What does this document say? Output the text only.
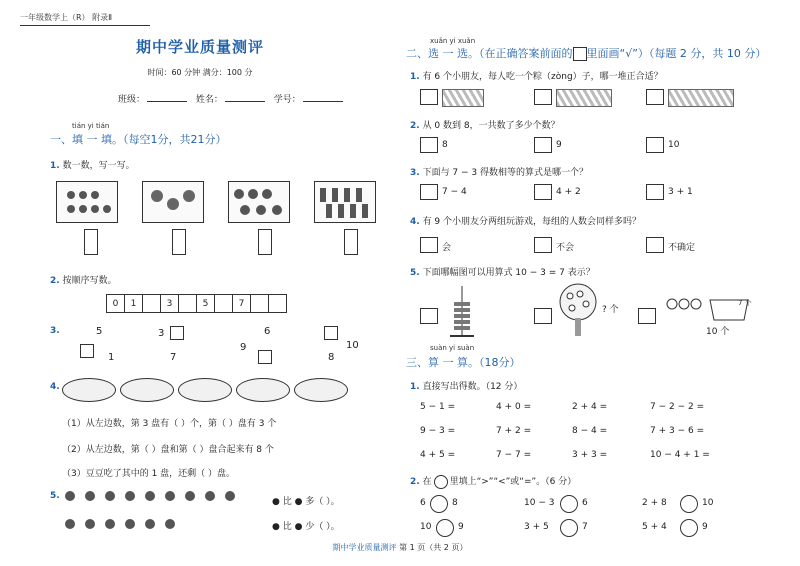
一年级数学上（R） 附录Ⅱ
期中学业质量测评
时间：60 分钟 满分：100 分
班级：	姓名：	学号：
tián yi tián
一、填 一 填。（每空1分，共21分）
1. 数一数，写一写。
2. 按顺序写数。
0	1	3	5	7
3.	5
1
3
7
6
9	10
8
4.
（1）从左边数，第 3 盘有（ ）个，第（ ）盘有 3 个
（2）从左边数，第（ ）盘和第（ ）盘合起来有 8 个
（3）豆豆吃了其中的 1 盘，还剩（ ）盘。
5.
● 比 ● 多（ ）。
● 比 ● 少（ ）。
xuǎn yi xuǎn
二、选 一 选。（在正确答案前面的 里面画“√”）（每题 2 分，共 10 分）
1. 有 6 个小朋友，每人吃一个粽（zòng）子，哪一堆正合适？
2. 从 0 数到 8，一共数了多少个数？
8	9	10
3. 下面与 7 − 3 得数相等的算式是哪一个？
7 − 4	4 + 2	3 + 1
4. 有 9 个小朋友分两组玩游戏，每组的人数会同样多吗？
会	不会	不确定
5. 下面哪幅图可以用算式 10 − 3 = 7 表示？
? 个
7 个
10 个
suàn yi suàn
三、算 一 算。（18分）
1. 直接写出得数。（12 分）
5 − 1 =	4 + 0 =	2 + 4 =	7 − 2 − 2 =
9 − 3 =	7 + 2 =	8 − 4 =	7 + 3 − 6 =
4 + 5 =	7 − 7 =	3 + 3 =	10 − 4 + 1 =
2. 在 里填上“>”“<”或“=”。（6 分）
6	8	10 − 3	6	2 + 8	10
10	9	3 + 5	7	5 + 4	9
期中学业质量测评 第 1 页（共 2 页）
